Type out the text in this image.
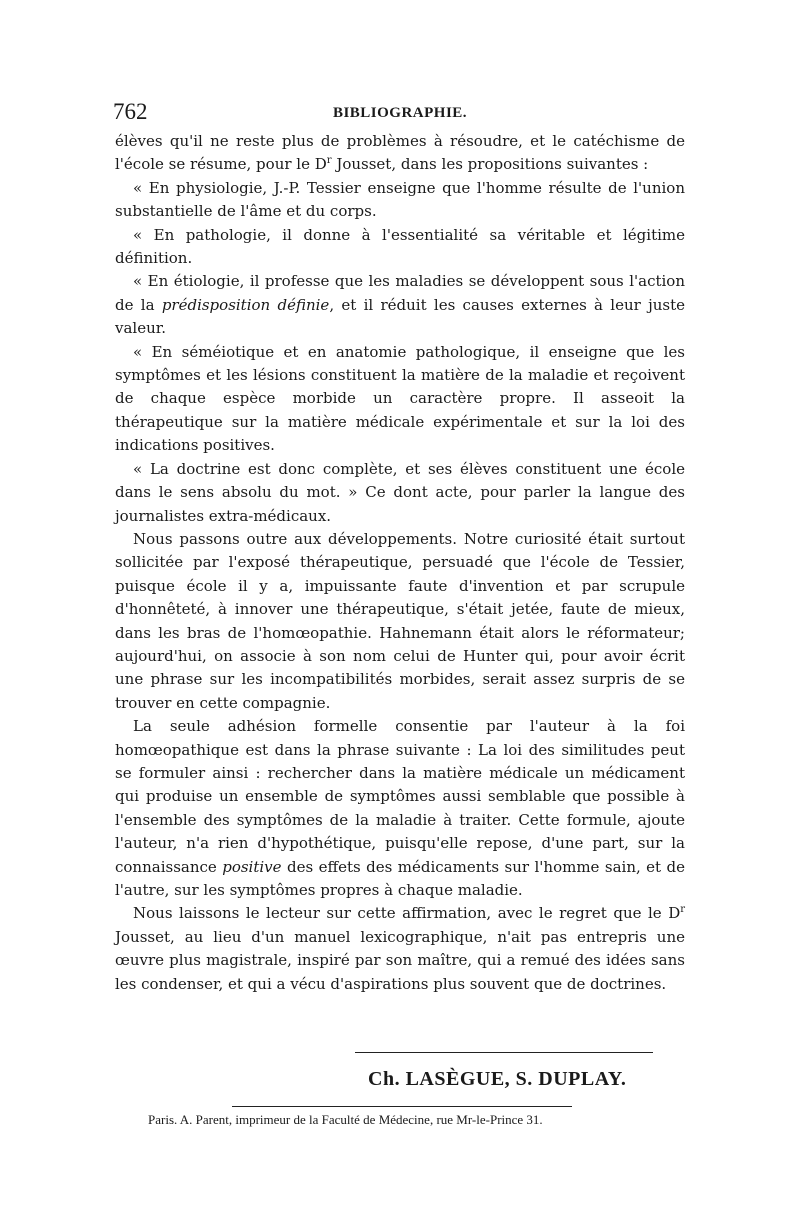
762	BIBLIOGRAPHIE.

élèves qu'il ne reste plus de problèmes à résoudre, et le catéchisme de l'école se résume, pour le $D^r$ Jousset, dans les propositions suivantes :

« En physiologie, J.-P. Tessier enseigne que l'homme résulte de l'union substantielle de l'âme et du corps.

« En pathologie, il donne à l'essentialité sa véritable et légitime définition.

« En étiologie, il professe que les maladies se développent sous l'action de la prédisposition définie, et il réduit les causes externes à leur juste valeur.

« En séméiotique et en anatomie pathologique, il enseigne que les symptômes et les lésions constituent la matière de la maladie et reçoivent de chaque espèce morbide un caractère propre. Il asseoit la thérapeutique sur la matière médicale expérimentale et sur la loi des indications positives.

« La doctrine est donc complète, et ses élèves constituent une école dans le sens absolu du mot. » Ce dont acte, pour parler la langue des journalistes extra-médicaux.

Nous passons outre aux développements. Notre curiosité était surtout sollicitée par l'exposé thérapeutique, persuadé que l'école de Tessier, puisque école il y a, impuissante faute d'invention et par scrupule d'honnêteté, à innover une thérapeutique, s'était jetée, faute de mieux, dans les bras de l'homœopathie. Hahnemann était alors le réformateur; aujourd'hui, on associe à son nom celui de Hunter qui, pour avoir écrit une phrase sur les incompatibilités morbides, serait assez surpris de se trouver en cette compagnie.

La seule adhésion formelle consentie par l'auteur à la foi homœopathique est dans la phrase suivante : La loi des similitudes peut se formuler ainsi : rechercher dans la matière médicale un médicament qui produise un ensemble de symptômes aussi semblable que possible à l'ensemble des symptômes de la maladie à traiter. Cette formule, ajoute l'auteur, n'a rien d'hypothétique, puisqu'elle repose, d'une part, sur la connaissance positive des effets des médicaments sur l'homme sain, et de l'autre, sur les symptômes propres à chaque maladie.

Nous laissons le lecteur sur cette affirmation, avec le regret que le $D^r$ Jousset, au lieu d'un manuel lexicographique, n'ait pas entrepris une œuvre plus magistrale, inspiré par son maître, qui a remué des idées sans les condenser, et qui a vécu d'aspirations plus souvent que de doctrines.

Ch. LASÈGUE, S. DUPLAY.
Paris. A. Parent, imprimeur de la Faculté de Médecine, rue Mr-le-Prince 31.
